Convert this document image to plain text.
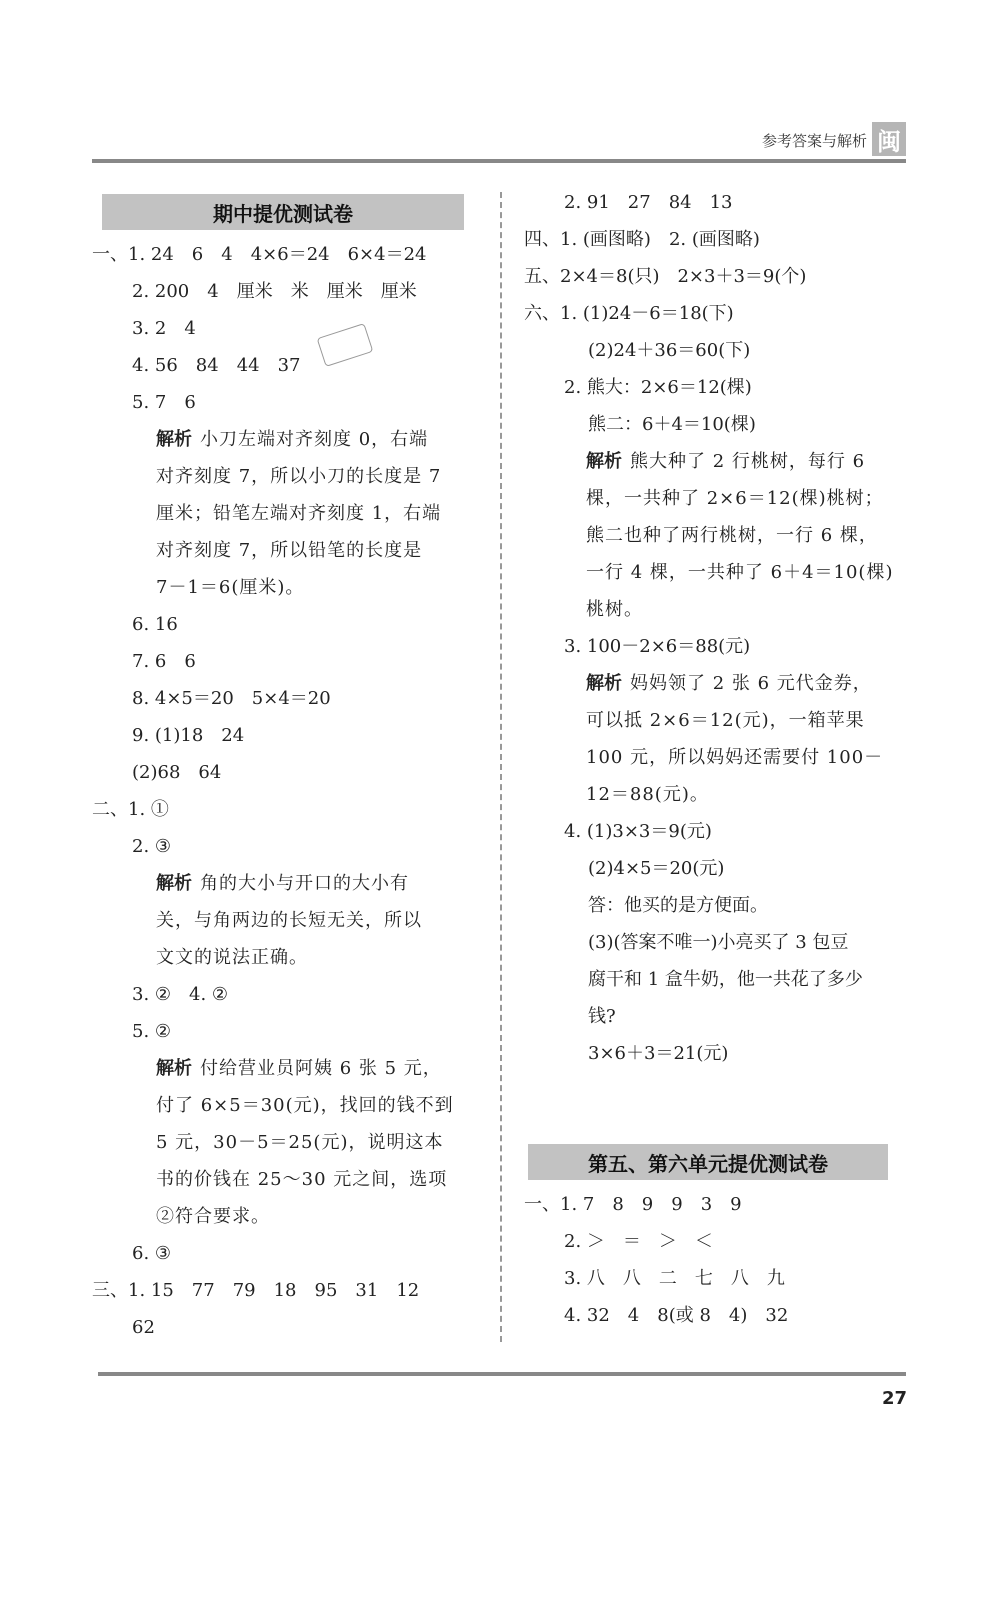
参考答案与解析 闽
期中提优测试卷
一、1. 24　6　4　4×6＝24　6×4＝24
2. 200　4　厘米　米　厘米　厘米
3. 2　4
4. 56　84　44　37
5. 7　6
解析 小刀左端对齐刻度 0，右端
对齐刻度 7，所以小刀的长度是 7
厘米；铅笔左端对齐刻度 1，右端
对齐刻度 7，所以铅笔的长度是
7－1＝6(厘米)。
6. 16
7. 6　6
8. 4×5＝20　5×4＝20
9. (1)18　24
(2)68　64
二、1. ①
2. ③
解析 角的大小与开口的大小有
关，与角两边的长短无关，所以
文文的说法正确。
3. ②　4. ②
5. ②
解析 付给营业员阿姨 6 张 5 元，
付了 6×5＝30(元)，找回的钱不到
5 元，30－5＝25(元)，说明这本
书的价钱在 25～30 元之间，选项
②符合要求。
6. ③
三、1. 15　77　79　18　95　31　12
62
2. 91　27　84　13
四、1. (画图略)　2. (画图略)
五、2×4＝8(只)　2×3＋3＝9(个)
六、1. (1)24－6＝18(下)
(2)24＋36＝60(下)
2. 熊大：2×6＝12(棵)
熊二：6＋4＝10(棵)
解析 熊大种了 2 行桃树，每行 6
棵，一共种了 2×6＝12(棵)桃树；
熊二也种了两行桃树，一行 6 棵，
一行 4 棵，一共种了 6＋4＝10(棵)
桃树。
3. 100－2×6＝88(元)
解析 妈妈领了 2 张 6 元代金券，
可以抵 2×6＝12(元)，一箱苹果
100 元，所以妈妈还需要付 100－
12＝88(元)。
4. (1)3×3＝9(元)
(2)4×5＝20(元)
答：他买的是方便面。
(3)(答案不唯一)小亮买了 3 包豆
腐干和 1 盒牛奶，他一共花了多少
钱?
3×6＋3＝21(元)
第五、第六单元提优测试卷
一、1. 7　8　9　9　3　9
2. ＞　＝　＞　＜
3. 八　八　二　七　八　九
4. 32　4　8(或 8　4)　32
27
